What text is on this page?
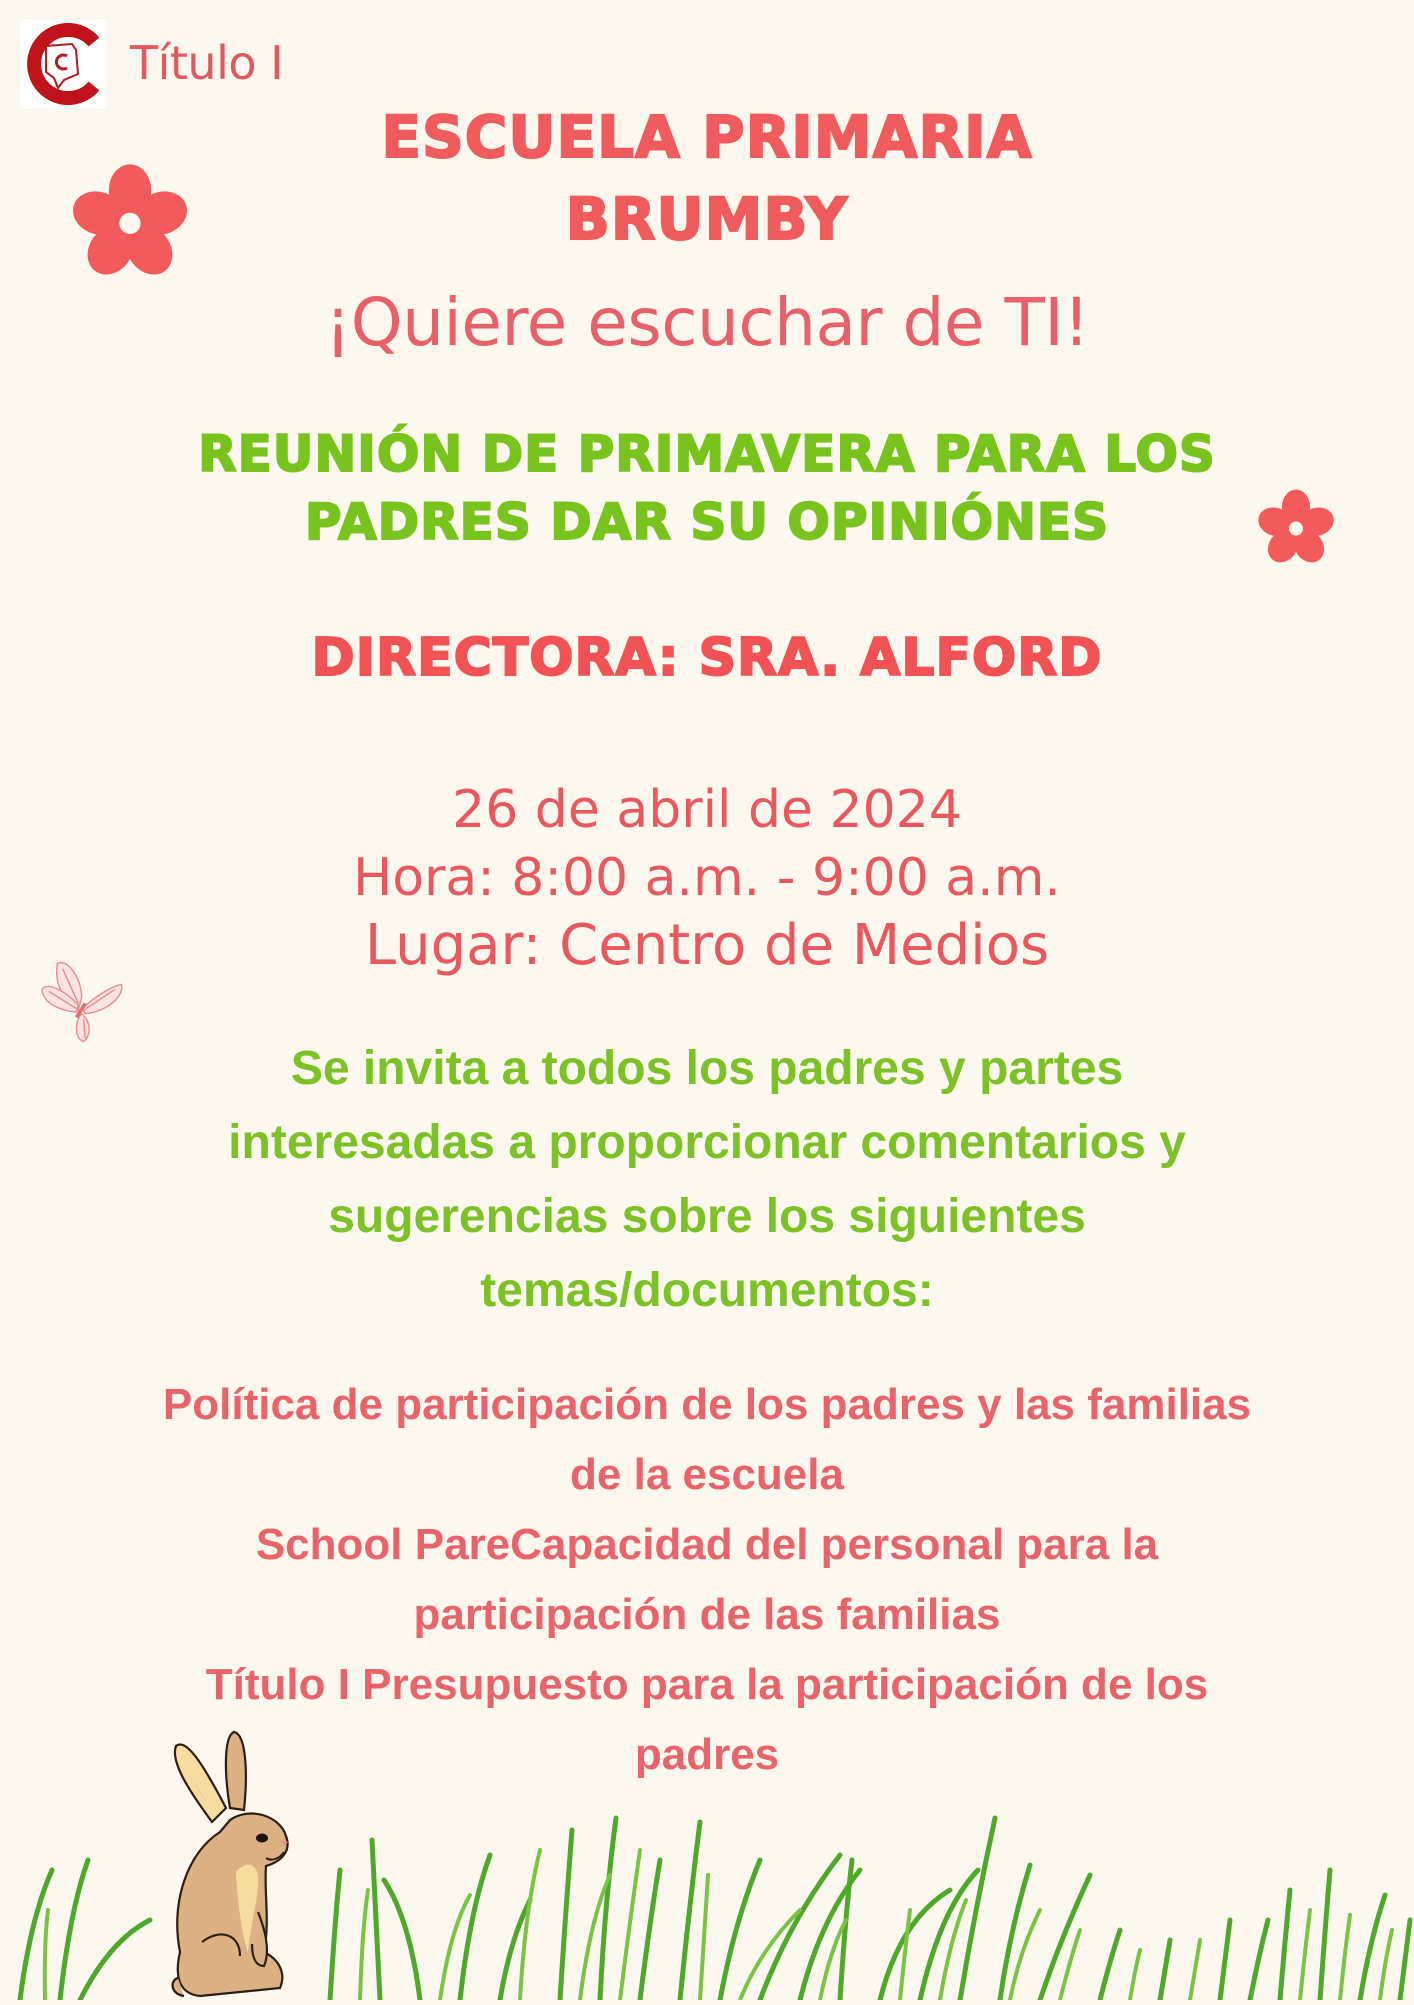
Título I
ESCUELA PRIMARIA
BRUMBY
¡Quiere escuchar de TI!
REUNIÓN DE PRIMAVERA PARA LOS
PADRES DAR SU OPINIÓNES
DIRECTORA: SRA. ALFORD
26 de abril de 2024
Hora: 8:00 a.m. - 9:00 a.m.
Lugar: Centro de Medios
Se invita a todos los padres y partes
interesadas a proporcionar comentarios y
sugerencias sobre los siguientes
temas/documentos:
Política de participación de los padres y las familias
de la escuela
School PareCapacidad del personal para la
participación de las familias
Título I Presupuesto para la participación de los
padres
